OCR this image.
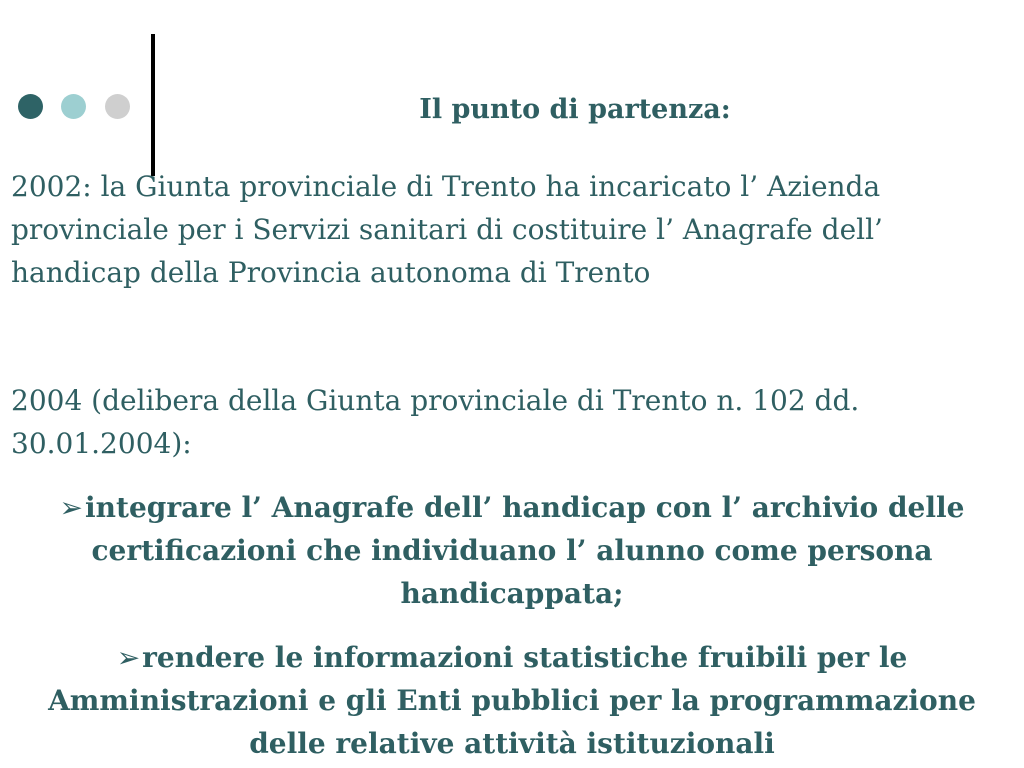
Il punto di partenza:

2002: la Giunta provinciale di Trento ha incaricato l’ Azienda provinciale per i Servizi sanitari di costituire l’ Anagrafe dell’ handicap della Provincia autonoma di Trento

2004 (delibera della Giunta provinciale di Trento n. 102 dd. 30.01.2004):

➢integrare l’ Anagrafe dell’ handicap con l’ archivio delle certificazioni che individuano l’ alunno come persona handicappata;

➢rendere le informazioni statistiche fruibili per le Amministrazioni e gli Enti pubblici per la programmazione delle relative attività istituzionali
